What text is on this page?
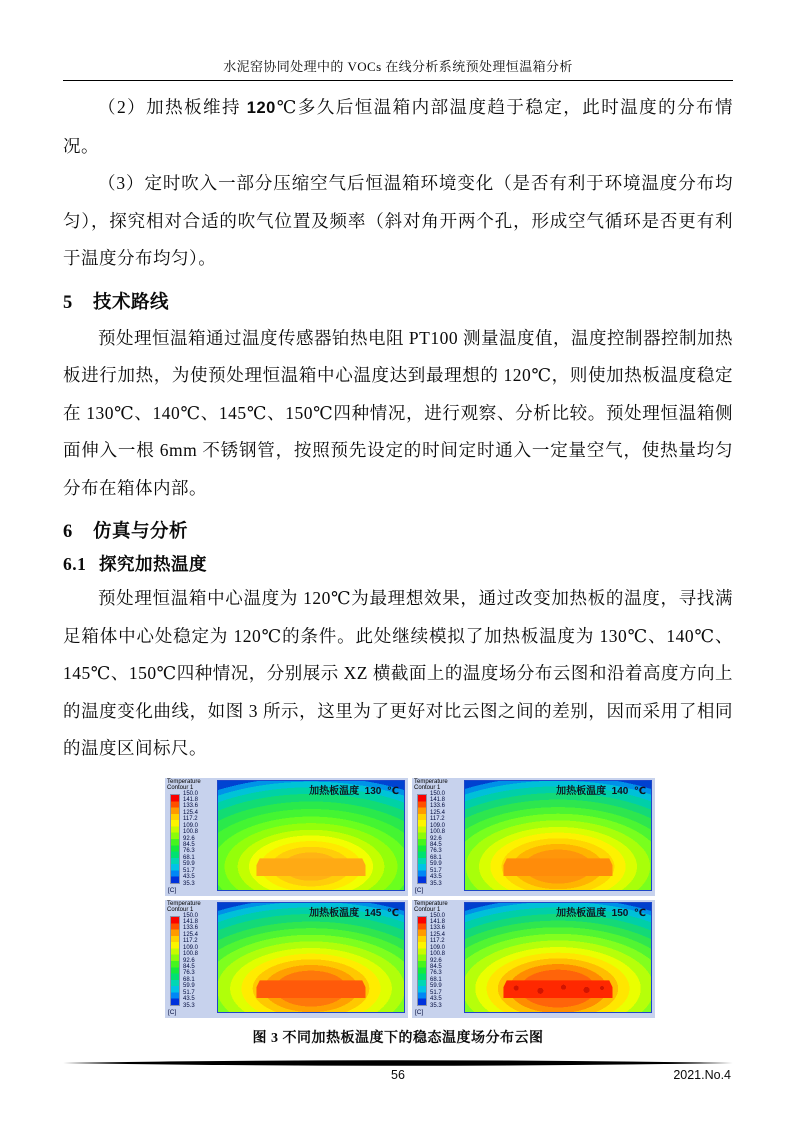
水泥窑协同处理中的 VOCs 在线分析系统预处理恒温箱分析

（2）加热板维持 120℃多久后恒温箱内部温度趋于稳定，此时温度的分布情况。

（3）定时吹入一部分压缩空气后恒温箱环境变化（是否有利于环境温度分布均匀），探究相对合适的吹气位置及频率（斜对角开两个孔，形成空气循环是否更有利于温度分布均匀）。

5 技术路线

预处理恒温箱通过温度传感器铂热电阻 PT100 测量温度值，温度控制器控制加热板进行加热，为使预处理恒温箱中心温度达到最理想的 120℃，则使加热板温度稳定在 130℃、140℃、145℃、150℃四种情况，进行观察、分析比较。预处理恒温箱侧面伸入一根 6mm 不锈钢管，按照预先设定的时间定时通入一定量空气，使热量均匀分布在箱体内部。

6 仿真与分析
6.1 探究加热温度

预处理恒温箱中心温度为 120℃为最理想效果，通过改变加热板的温度，寻找满足箱体中心处稳定为 120℃的条件。此处继续模拟了加热板温度为 130℃、140℃、145℃、150℃四种情况，分别展示 XZ 横截面上的温度场分布云图和沿着高度方向上的温度变化曲线，如图 3 所示，这里为了更好对比云图之间的差别，因而采用了相同的温度区间标尺。

Temperature
Contour 1
150.0
141.8
133.6
125.4
117.2
109.0
100.8
92.6
84.5
76.3
68.1
59.9
51.7
43.5
35.3
[C]
加热板温度  130  ℃
Temperature
Contour 1
150.0
141.8
133.6
125.4
117.2
109.0
100.8
92.6
84.5
76.3
68.1
59.9
51.7
43.5
35.3
[C]
加热板温度  140  ℃
Temperature
Contour 1
150.0
141.8
133.6
125.4
117.2
109.0
100.8
92.6
84.5
76.3
68.1
59.9
51.7
43.5
35.3
[C]
加热板温度  145  ℃
Temperature
Contour 1
150.0
141.8
133.6
125.4
117.2
109.0
100.8
92.6
84.5
76.3
68.1
59.9
51.7
43.5
35.3
[C]
加热板温度  150  ℃
图 3 不同加热板温度下的稳态温度场分布云图
56	2021.No.4
